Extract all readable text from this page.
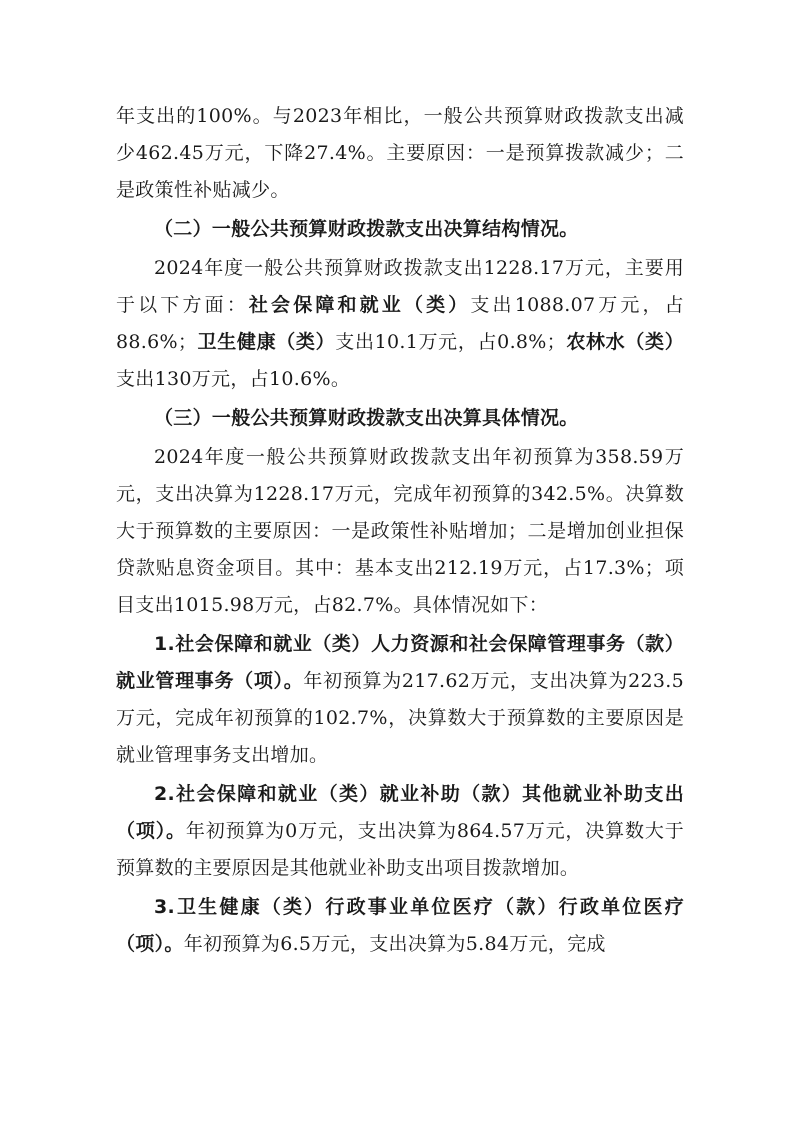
年支出的100%。与2023年相比，一般公共预算财政拨款支出减少462.45万元，下降27.4%。主要原因：一是预算拨款减少；二是政策性补贴减少。

（二）一般公共预算财政拨款支出决算结构情况。

2024年度一般公共预算财政拨款支出1228.17万元，主要用于以下方面：社会保障和就业（类）支出1088.07万元，占88.6%；卫生健康（类）支出10.1万元，占0.8%；农林水（类）支出130万元，占10.6%。

（三）一般公共预算财政拨款支出决算具体情况。

2024年度一般公共预算财政拨款支出年初预算为358.59万元，支出决算为1228.17万元，完成年初预算的342.5%。决算数大于预算数的主要原因：一是政策性补贴增加；二是增加创业担保贷款贴息资金项目。其中：基本支出212.19万元，占17.3%；项目支出1015.98万元，占82.7%。具体情况如下：

1.社会保障和就业（类）人力资源和社会保障管理事务（款）就业管理事务（项）。年初预算为217.62万元，支出决算为223.5万元，完成年初预算的102.7%，决算数大于预算数的主要原因是就业管理事务支出增加。

2.社会保障和就业（类）就业补助（款）其他就业补助支出（项）。年初预算为0万元，支出决算为864.57万元，决算数大于预算数的主要原因是其他就业补助支出项目拨款增加。

3.卫生健康（类）行政事业单位医疗（款）行政单位医疗（项）。年初预算为6.5万元，支出决算为5.84万元，完成
